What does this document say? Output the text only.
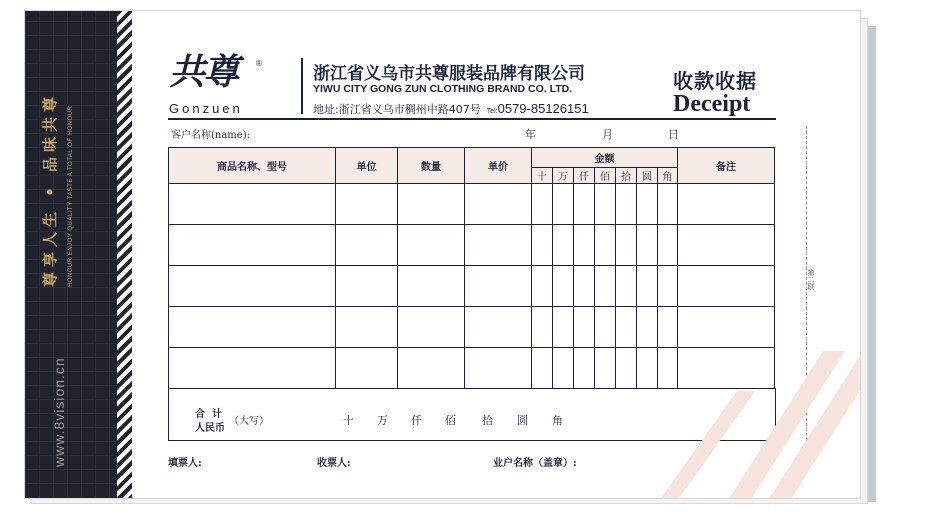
尊享人生 • 品味共尊 HONOUR ENJOY QUALITY TASTE A TOTAL OF HONOUR
www.8vision.cn
共尊 ®
Gonzuen
浙江省义乌市共尊服装品牌有限公司
YIWU CITY GONG ZUN CLOTHING BRAND CO. LTD.
地址:浙江省义乌市稠州中路407号 Tel:0579-85126151
收款收据
Deceipt
客户名称(name):	年	月	日
商品名称、型号	单位	数量	单价	金额							备注
				十	万	仟	佰	拾	圆	角	

合计
人民币
（大写）	十 万 仟 佰 拾 圆 角
填票人:	收票人:	业户名称（盖章）:
第二联
